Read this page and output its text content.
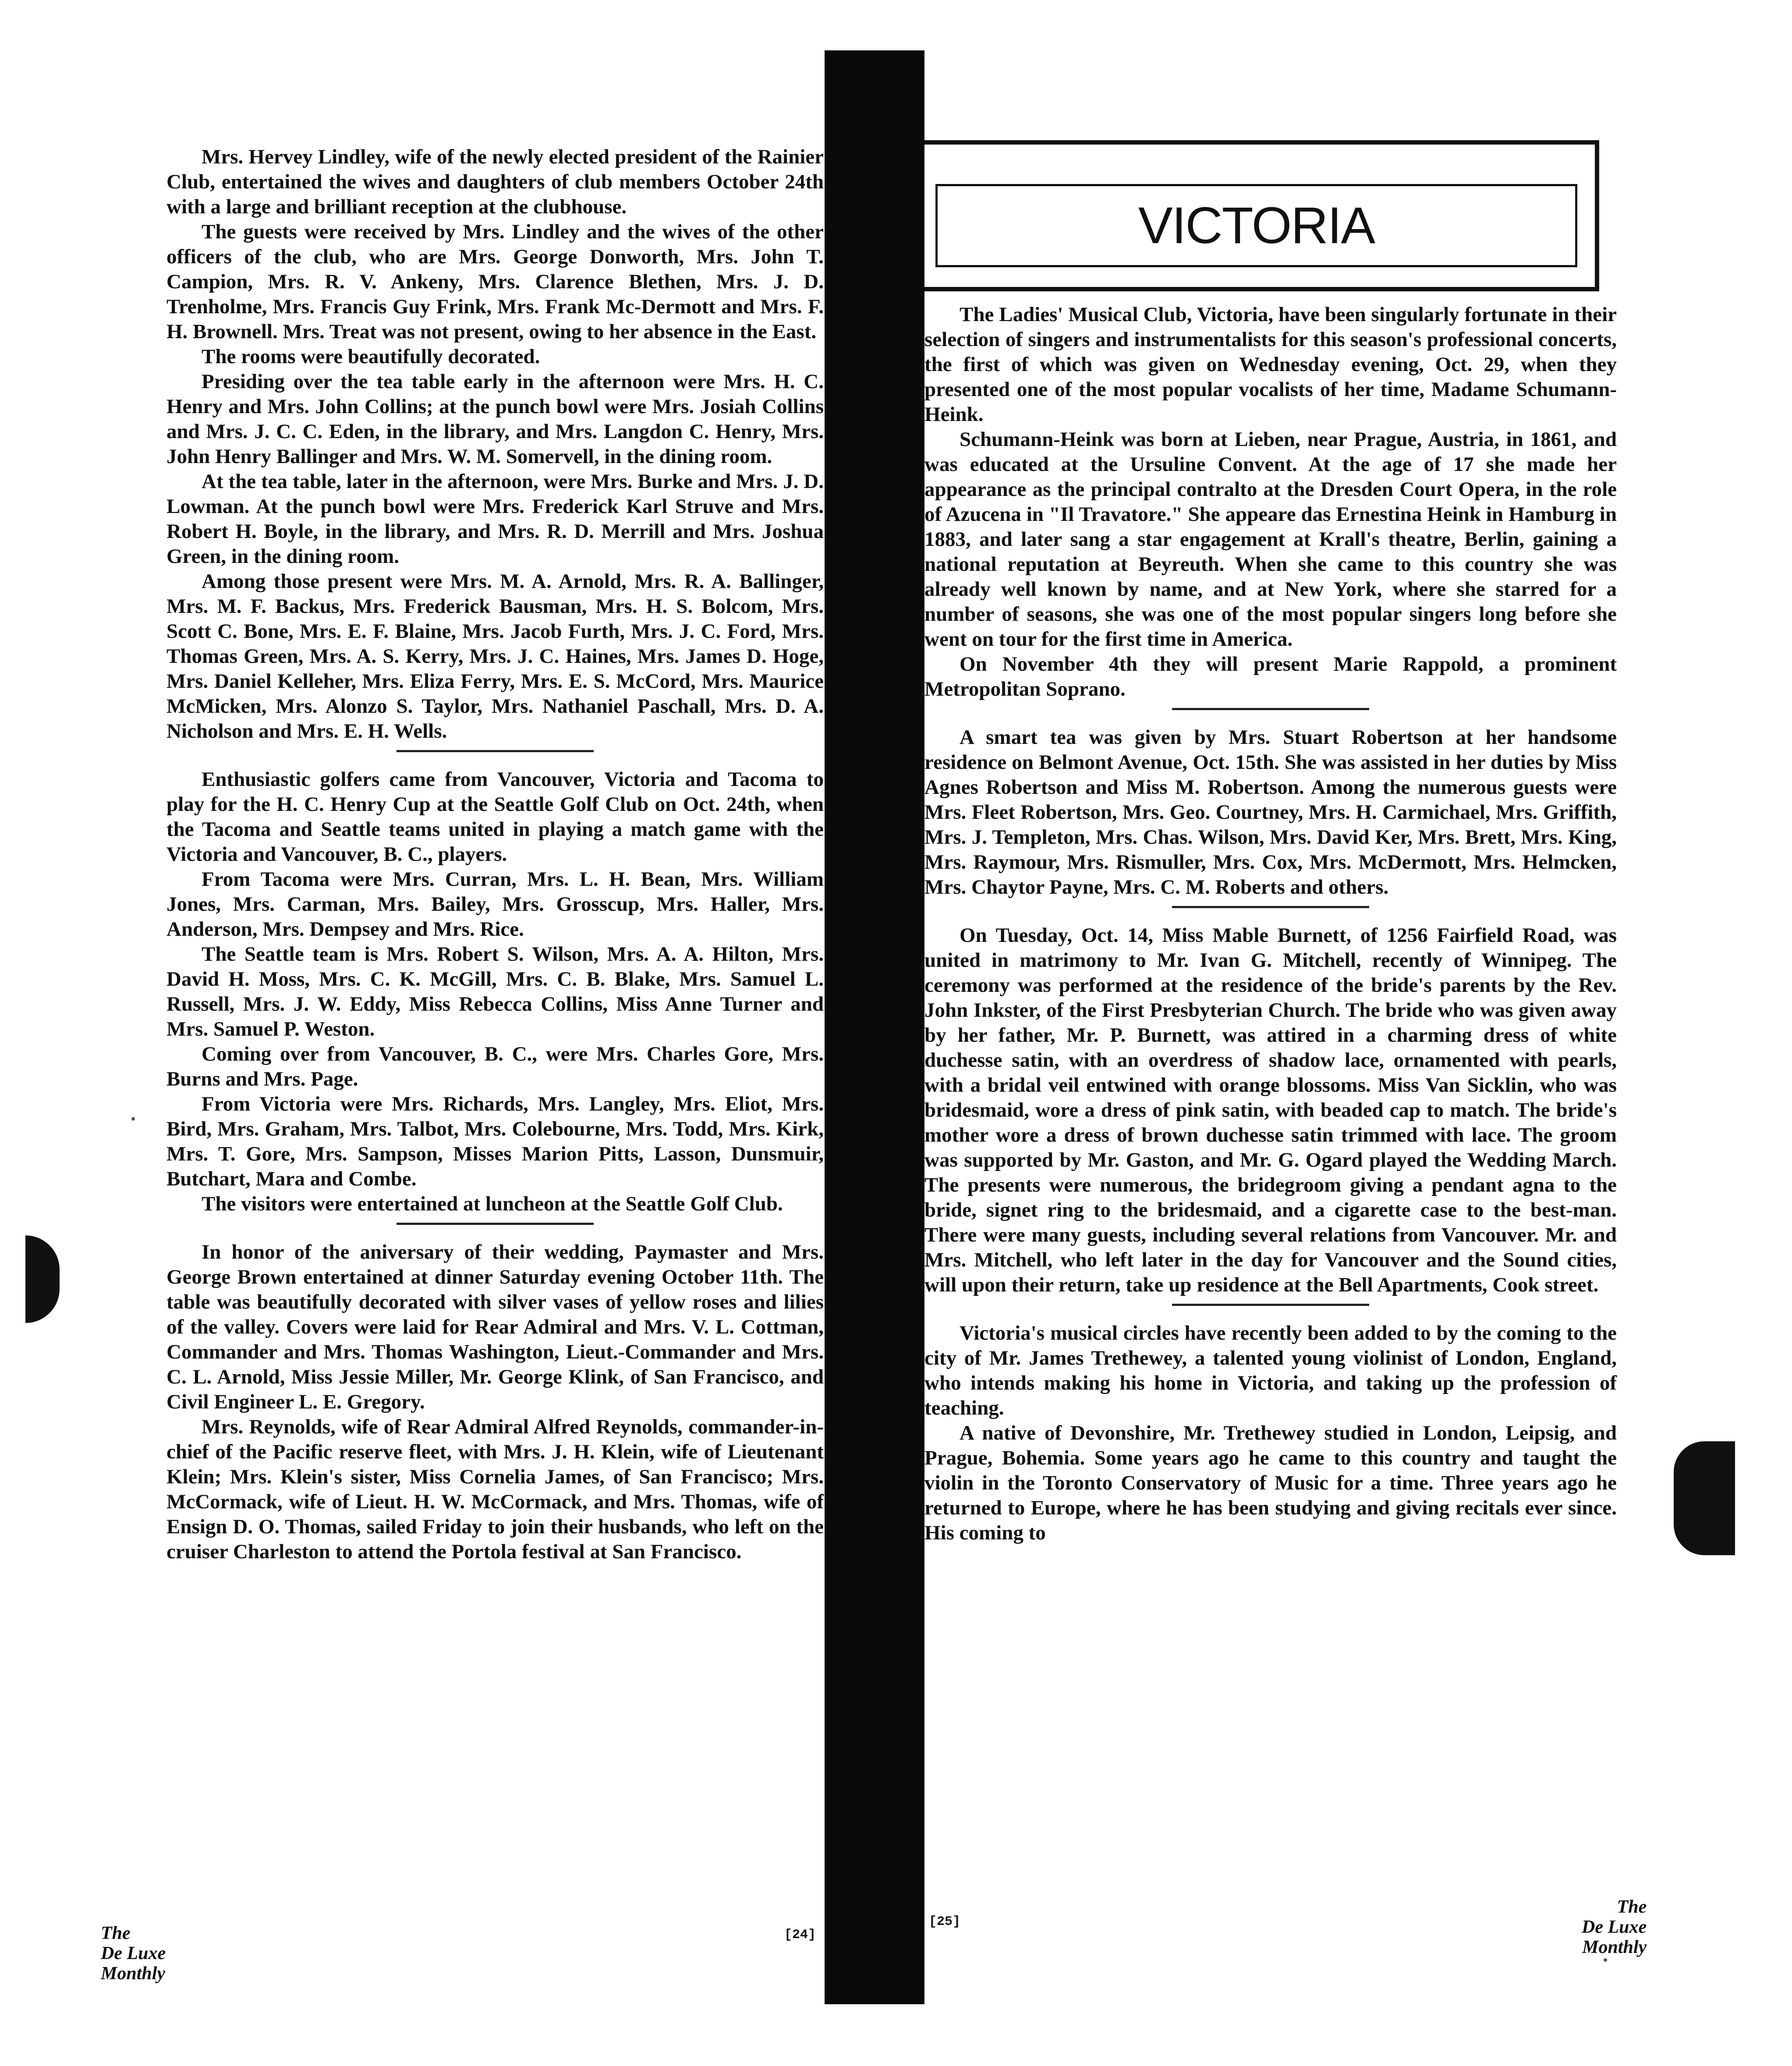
Mrs. Hervey Lindley, wife of the newly elected president of the Rainier Club, entertained the wives and daughters of club members October 24th with a large and brilliant reception at the clubhouse.

The guests were received by Mrs. Lindley and the wives of the other officers of the club, who are Mrs. George Donworth, Mrs. John T. Campion, Mrs. R. V. Ankeny, Mrs. Clarence Blethen, Mrs. J. D. Trenholme, Mrs. Francis Guy Frink, Mrs. Frank Mc-Dermott and Mrs. F. H. Brownell. Mrs. Treat was not present, owing to her absence in the East.

The rooms were beautifully decorated.

Presiding over the tea table early in the afternoon were Mrs. H. C. Henry and Mrs. John Collins; at the punch bowl were Mrs. Josiah Collins and Mrs. J. C. C. Eden, in the library, and Mrs. Langdon C. Henry, Mrs. John Henry Ballinger and Mrs. W. M. Somervell, in the dining room.

At the tea table, later in the afternoon, were Mrs. Burke and Mrs. J. D. Lowman. At the punch bowl were Mrs. Frederick Karl Struve and Mrs. Robert H. Boyle, in the library, and Mrs. R. D. Merrill and Mrs. Joshua Green, in the dining room.

Among those present were Mrs. M. A. Arnold, Mrs. R. A. Ballinger, Mrs. M. F. Backus, Mrs. Frederick Bausman, Mrs. H. S. Bolcom, Mrs. Scott C. Bone, Mrs. E. F. Blaine, Mrs. Jacob Furth, Mrs. J. C. Ford, Mrs. Thomas Green, Mrs. A. S. Kerry, Mrs. J. C. Haines, Mrs. James D. Hoge, Mrs. Daniel Kelleher, Mrs. Eliza Ferry, Mrs. E. S. McCord, Mrs. Maurice McMicken, Mrs. Alonzo S. Taylor, Mrs. Nathaniel Paschall, Mrs. D. A. Nicholson and Mrs. E. H. Wells.

Enthusiastic golfers came from Vancouver, Victoria and Tacoma to play for the H. C. Henry Cup at the Seattle Golf Club on Oct. 24th, when the Tacoma and Seattle teams united in playing a match game with the Victoria and Vancouver, B. C., players.

From Tacoma were Mrs. Curran, Mrs. L. H. Bean, Mrs. William Jones, Mrs. Carman, Mrs. Bailey, Mrs. Grosscup, Mrs. Haller, Mrs. Anderson, Mrs. Dempsey and Mrs. Rice.

The Seattle team is Mrs. Robert S. Wilson, Mrs. A. A. Hilton, Mrs. David H. Moss, Mrs. C. K. McGill, Mrs. C. B. Blake, Mrs. Samuel L. Russell, Mrs. J. W. Eddy, Miss Rebecca Collins, Miss Anne Turner and Mrs. Samuel P. Weston.

Coming over from Vancouver, B. C., were Mrs. Charles Gore, Mrs. Burns and Mrs. Page.

From Victoria were Mrs. Richards, Mrs. Langley, Mrs. Eliot, Mrs. Bird, Mrs. Graham, Mrs. Talbot, Mrs. Colebourne, Mrs. Todd, Mrs. Kirk, Mrs. T. Gore, Mrs. Sampson, Misses Marion Pitts, Lasson, Dunsmuir, Butchart, Mara and Combe.

The visitors were entertained at luncheon at the Seattle Golf Club.

In honor of the aniversary of their wedding, Paymaster and Mrs. George Brown entertained at dinner Saturday evening October 11th. The table was beautifully decorated with silver vases of yellow roses and lilies of the valley. Covers were laid for Rear Admiral and Mrs. V. L. Cottman, Commander and Mrs. Thomas Washington, Lieut.-Commander and Mrs. C. L. Arnold, Miss Jessie Miller, Mr. George Klink, of San Francisco, and Civil Engineer L. E. Gregory.

Mrs. Reynolds, wife of Rear Admiral Alfred Reynolds, commander-in-chief of the Pacific reserve fleet, with Mrs. J. H. Klein, wife of Lieutenant Klein; Mrs. Klein's sister, Miss Cornelia James, of San Francisco; Mrs. McCormack, wife of Lieut. H. W. McCormack, and Mrs. Thomas, wife of Ensign D. O. Thomas, sailed Friday to join their husbands, who left on the cruiser Charleston to attend the Portola festival at San Francisco.

The
De Luxe
Monthly
[24]
VICTORIA

The Ladies' Musical Club, Victoria, have been singularly fortunate in their selection of singers and instrumentalists for this season's professional concerts, the first of which was given on Wednesday evening, Oct. 29, when they presented one of the most popular vocalists of her time, Madame Schumann-Heink.

Schumann-Heink was born at Lieben, near Prague, Austria, in 1861, and was educated at the Ursuline Convent. At the age of 17 she made her appearance as the principal contralto at the Dresden Court Opera, in the role of Azucena in "Il Travatore." She appeare das Ernestina Heink in Hamburg in 1883, and later sang a star engagement at Krall's theatre, Berlin, gaining a national reputation at Beyreuth. When she came to this country she was already well known by name, and at New York, where she starred for a number of seasons, she was one of the most popular singers long before she went on tour for the first time in America.

On November 4th they will present Marie Rappold, a prominent Metropolitan Soprano.

A smart tea was given by Mrs. Stuart Robertson at her handsome residence on Belmont Avenue, Oct. 15th. She was assisted in her duties by Miss Agnes Robertson and Miss M. Robertson. Among the numerous guests were Mrs. Fleet Robertson, Mrs. Geo. Courtney, Mrs. H. Carmichael, Mrs. Griffith, Mrs. J. Templeton, Mrs. Chas. Wilson, Mrs. David Ker, Mrs. Brett, Mrs. King, Mrs. Raymour, Mrs. Rismuller, Mrs. Cox, Mrs. McDermott, Mrs. Helmcken, Mrs. Chaytor Payne, Mrs. C. M. Roberts and others.

On Tuesday, Oct. 14, Miss Mable Burnett, of 1256 Fairfield Road, was united in matrimony to Mr. Ivan G. Mitchell, recently of Winnipeg. The ceremony was performed at the residence of the bride's parents by the Rev. John Inkster, of the First Presbyterian Church. The bride who was given away by her father, Mr. P. Burnett, was attired in a charming dress of white duchesse satin, with an overdress of shadow lace, ornamented with pearls, with a bridal veil entwined with orange blossoms. Miss Van Sicklin, who was bridesmaid, wore a dress of pink satin, with beaded cap to match. The bride's mother wore a dress of brown duchesse satin trimmed with lace. The groom was supported by Mr. Gaston, and Mr. G. Ogard played the Wedding March. The presents were numerous, the bridegroom giving a pendant agna to the bride, signet ring to the bridesmaid, and a cigarette case to the best-man. There were many guests, including several relations from Vancouver. Mr. and Mrs. Mitchell, who left later in the day for Vancouver and the Sound cities, will upon their return, take up residence at the Bell Apartments, Cook street.

Victoria's musical circles have recently been added to by the coming to the city of Mr. James Trethewey, a talented young violinist of London, England, who intends making his home in Victoria, and taking up the profession of teaching.

A native of Devonshire, Mr. Trethewey studied in London, Leipsig, and Prague, Bohemia. Some years ago he came to this country and taught the violin in the Toronto Conservatory of Music for a time. Three years ago he returned to Europe, where he has been studying and giving recitals ever since. His coming to

[25]
The
De Luxe
Monthly
